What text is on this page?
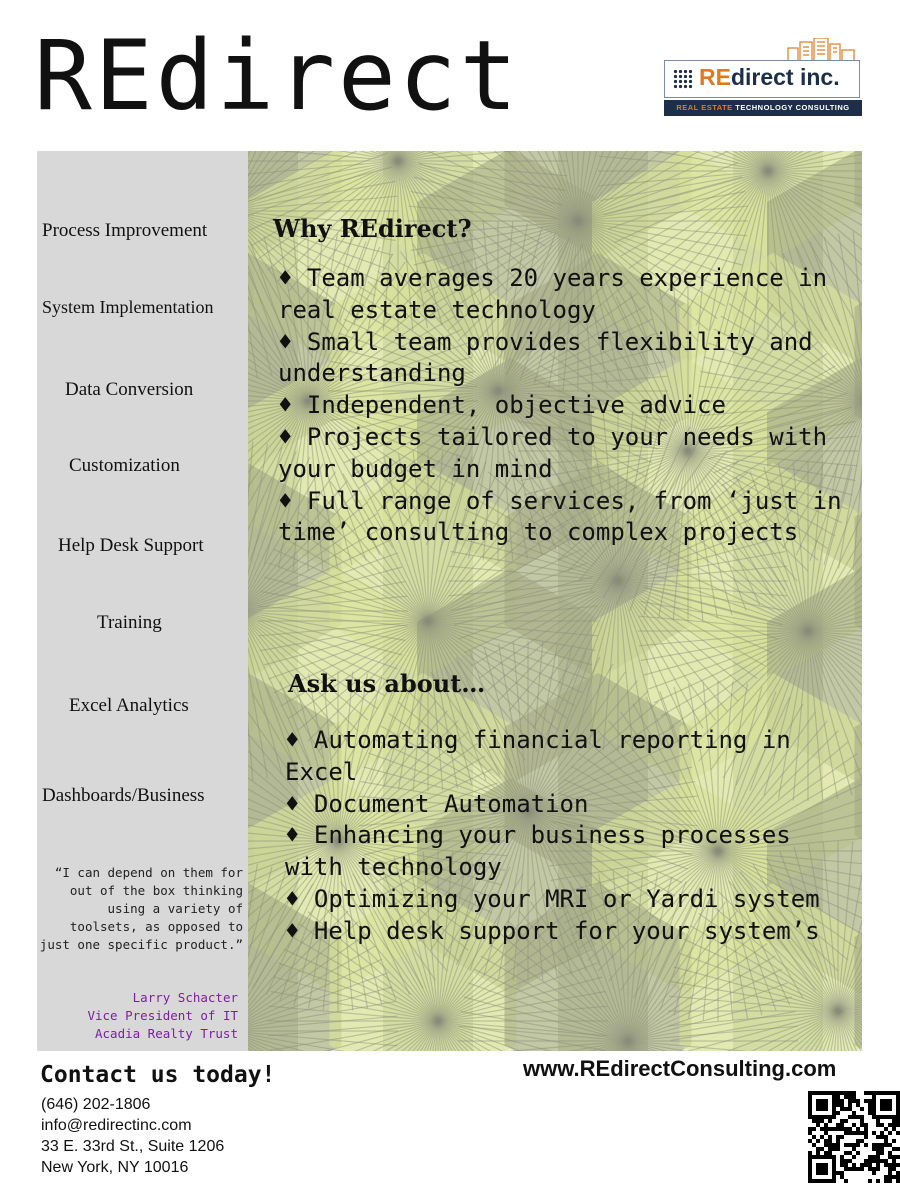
REdirect	REdirect inc.
REAL ESTATE TECHNOLOGY CONSULTING
Process Improvement
System Implementation
Data Conversion
Customization
Help Desk Support
Training
Excel Analytics
Dashboards/Business
“I can depend on them for out of the box thinking using a variety of toolsets, as opposed to just one specific product.”
Larry Schacter
Vice President of IT
Acadia Realty Trust
Why REdirect?
♦ Team averages 20 years experience in real estate technology
♦ Small team provides flexibility and understanding
♦ Independent, objective advice
♦ Projects tailored to your needs with your budget in mind
♦ Full range of services, from ‘just in time’ consulting to complex projects
Ask us about…
♦ Automating financial reporting in Excel
♦ Document Automation
♦ Enhancing your business processes with technology
♦ Optimizing your MRI or Yardi system
♦ Help desk support for your system’s
Contact us today!
(646) 202-1806
info@redirectinc.com
33 E. 33rd St., Suite 1206
New York, NY 10016
www.REdirectConsulting.com
